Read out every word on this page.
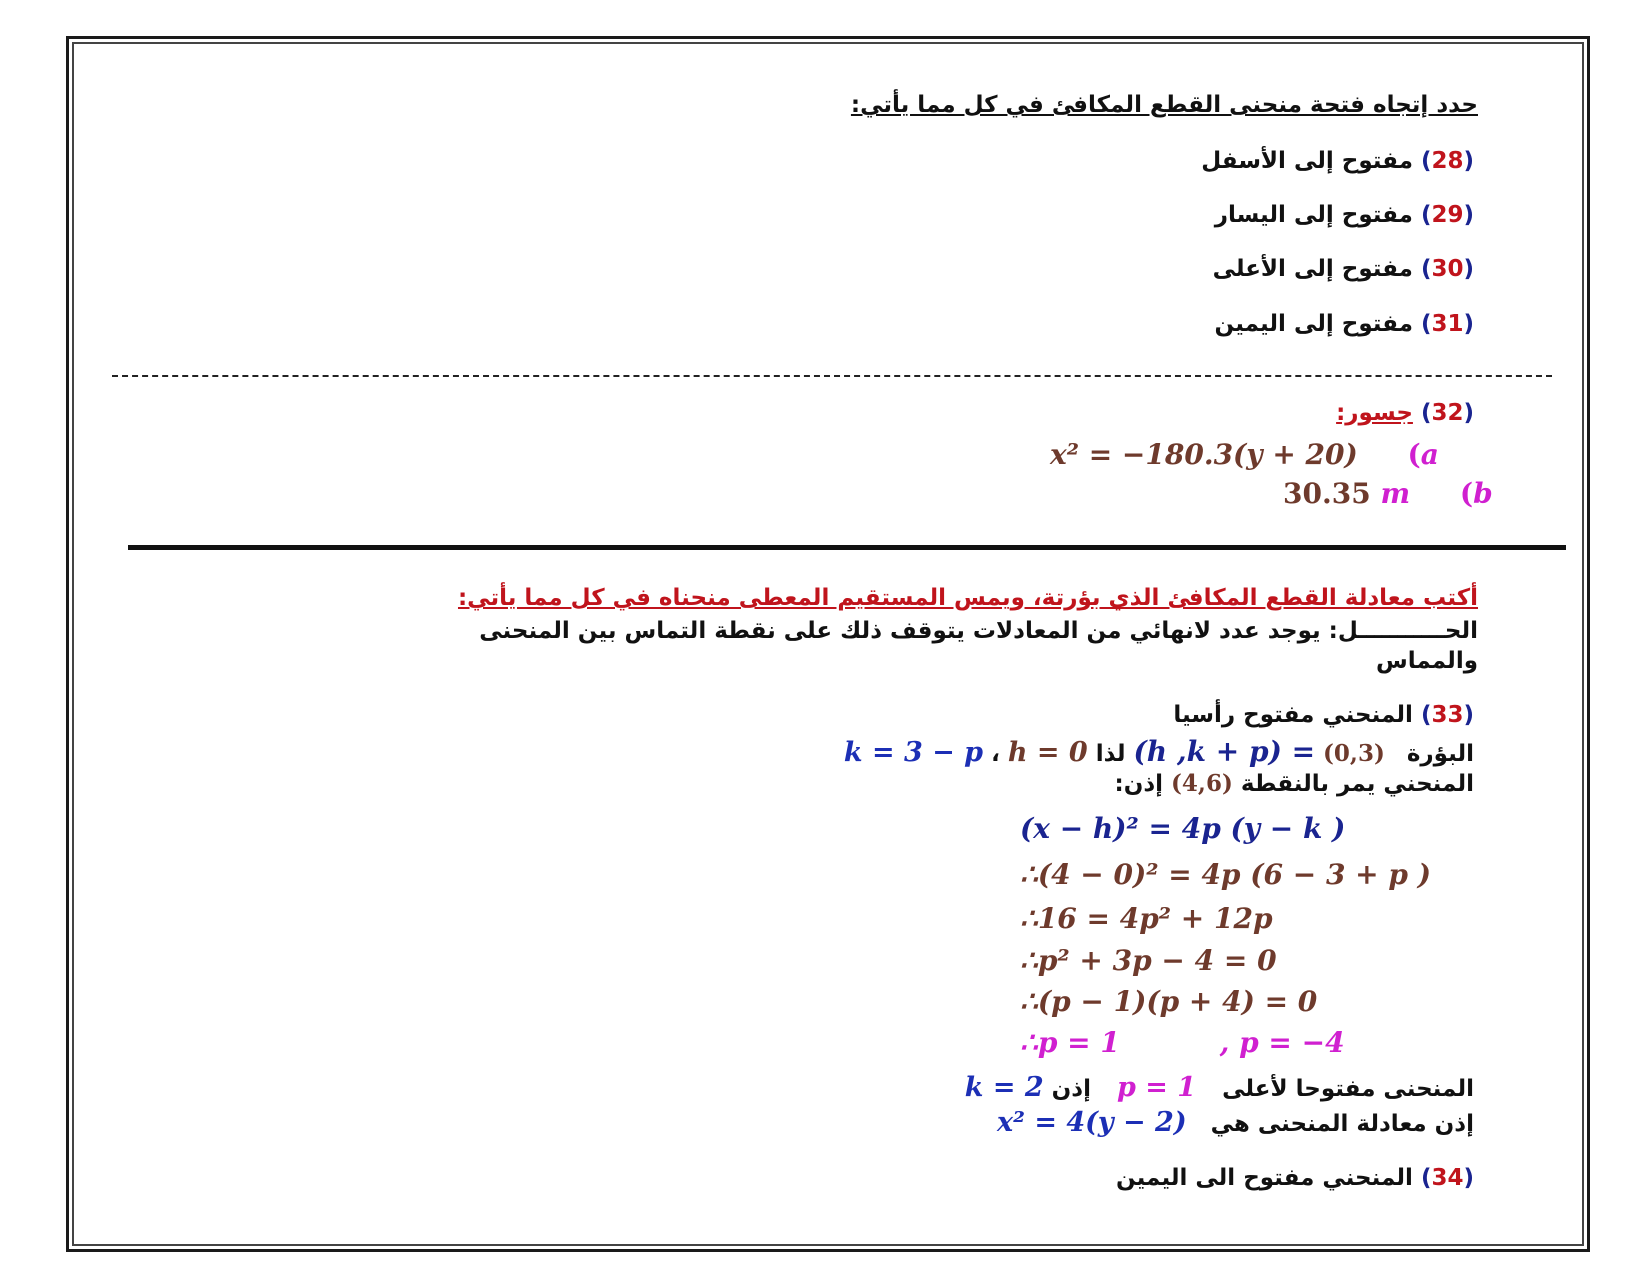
حدد إتجاه فتحة منحنى القطع المكافئ في كل مما يأتي:
(28) مفتوح إلى الأسفل
(29) مفتوح إلى اليسار
(30) مفتوح إلى الأعلى
(31) مفتوح إلى اليمين
(32) جسور:
x² = −180.3(y + 20) (a
30.35 m (b
أكتب معادلة القطع المكافئ الذي بؤرتة، ويمس المستقيم المعطى منحناه في كل مما يأتي:
الحـــــــــــل: يوجد عدد لانهائي من المعادلات يتوقف ذلك على نقطة التماس بين المنحنى
والمماس
(33) المنحني مفتوح رأسيا
البؤرة (0,3) (h ,k + p) = لذا h = 0 ، k = 3 − p
المنحني يمر بالنقطة (4,6) إذن:
(x − h)² = 4p (y − k )
∴(4 − 0)² = 4p (6 − 3 + p )
∴16 = 4p² + 12p
∴p² + 3p − 4 = 0
∴(p − 1)(p + 4) = 0
∴p = 1	, p = −4
المنحنى مفتوحا لأعلى p = 1 إذن k = 2
إذن معادلة المنحنى هي x² = 4(y − 2)
(34) المنحني مفتوح الى اليمين
